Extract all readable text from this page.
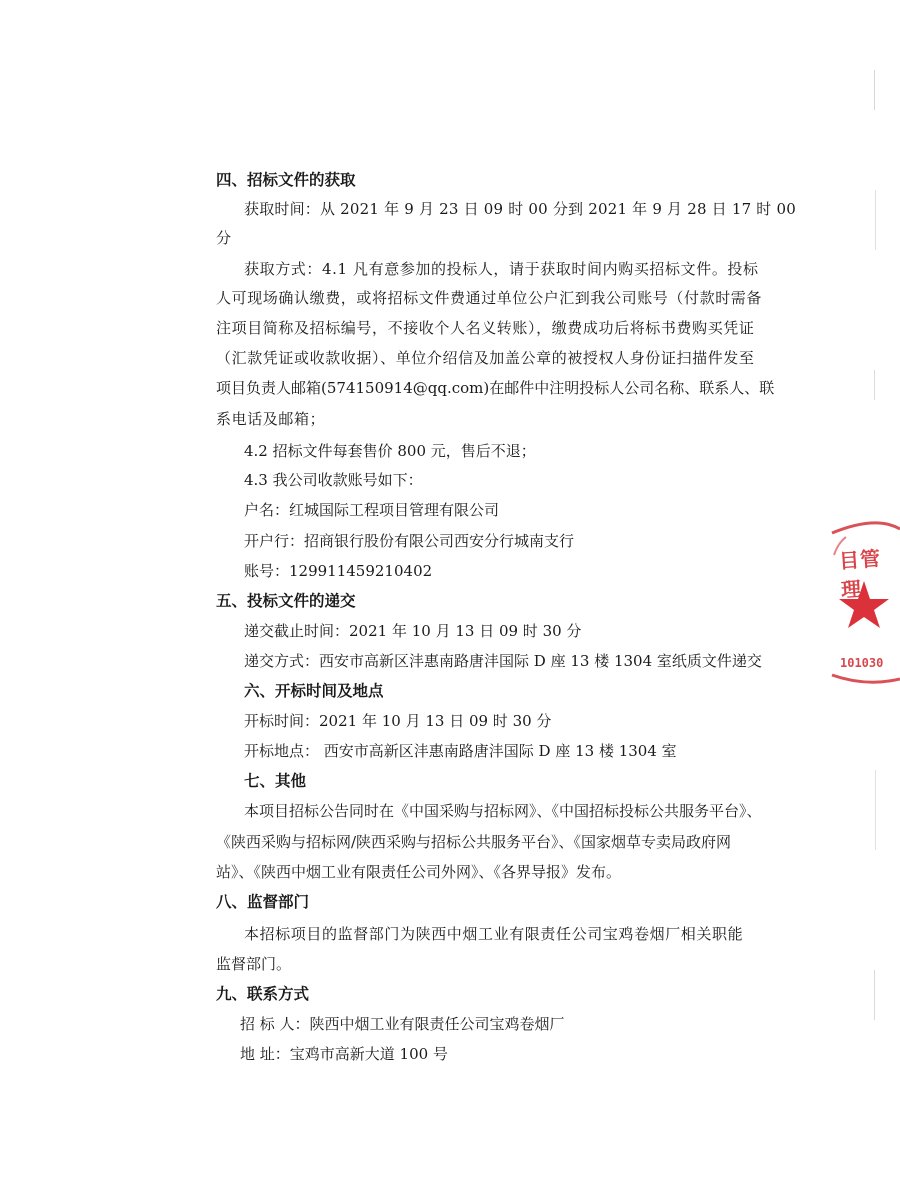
四、招标文件的获取
获取时间：从 2021 年 9 月 23 日 09 时 00 分到 2021 年 9 月 28 日 17 时 00
分
获取方式：4.1 凡有意参加的投标人，请于获取时间内购买招标文件。投标
人可现场确认缴费，或将招标文件费通过单位公户汇到我公司账号（付款时需备
注项目简称及招标编号，不接收个人名义转账），缴费成功后将标书费购买凭证
（汇款凭证或收款收据）、单位介绍信及加盖公章的被授权人身份证扫描件发至
项目负责人邮箱(574150914@qq.com)在邮件中注明投标人公司名称、联系人、联
系电话及邮箱；
4.2 招标文件每套售价 800 元，售后不退；
4.3 我公司收款账号如下：
户名：红城国际工程项目管理有限公司
开户行：招商银行股份有限公司西安分行城南支行
账号：129911459210402
五、投标文件的递交
递交截止时间：2021 年 10 月 13 日 09 时 30 分
递交方式：西安市高新区沣惠南路唐沣国际 D 座 13 楼 1304 室纸质文件递交
六、开标时间及地点
开标时间：2021 年 10 月 13 日 09 时 30 分
开标地点： 西安市高新区沣惠南路唐沣国际 D 座 13 楼 1304 室
七、其他
本项目招标公告同时在《中国采购与招标网》、《中国招标投标公共服务平台》、
《陕西采购与招标网/陕西采购与招标公共服务平台》、《国家烟草专卖局政府网
站》、《陕西中烟工业有限责任公司外网》、《各界导报》发布。
八、监督部门
本招标项目的监督部门为陕西中烟工业有限责任公司宝鸡卷烟厂相关职能
监督部门。
九、联系方式
招 标 人：陕西中烟工业有限责任公司宝鸡卷烟厂
地 址：宝鸡市高新大道 100 号
目管理
101030
